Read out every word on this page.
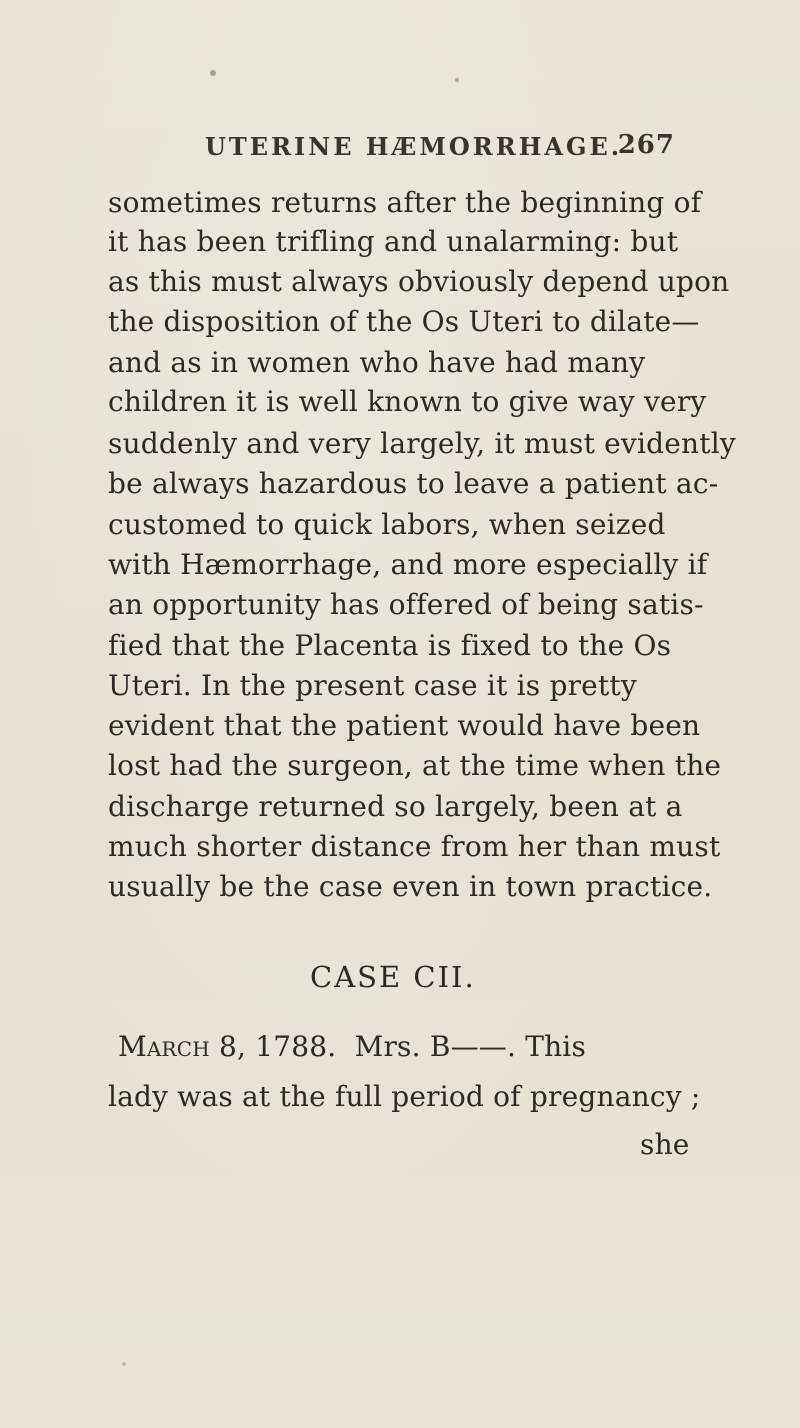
UTERINE HÆMORRHAGE.
267
sometimes returns after the beginning of
it has been trifling and unalarming: but
as this must always obviously depend upon
the disposition of the Os Uteri to dilate—
and as in women who have had many
children it is well known to give way very
suddenly and very largely, it must evidently
be always hazardous to leave a patient ac-
customed to quick labors, when seized
with Hæmorrhage, and more especially if
an opportunity has offered of being satis-
fied that the Placenta is fixed to the Os
Uteri. In the present case it is pretty
evident that the patient would have been
lost had the surgeon, at the time when the
discharge returned so largely, been at a
much shorter distance from her than must
usually be the case even in town practice.
CASE CII.
March 8, 1788. Mrs. B——. This
lady was at the full period of pregnancy ;
she
